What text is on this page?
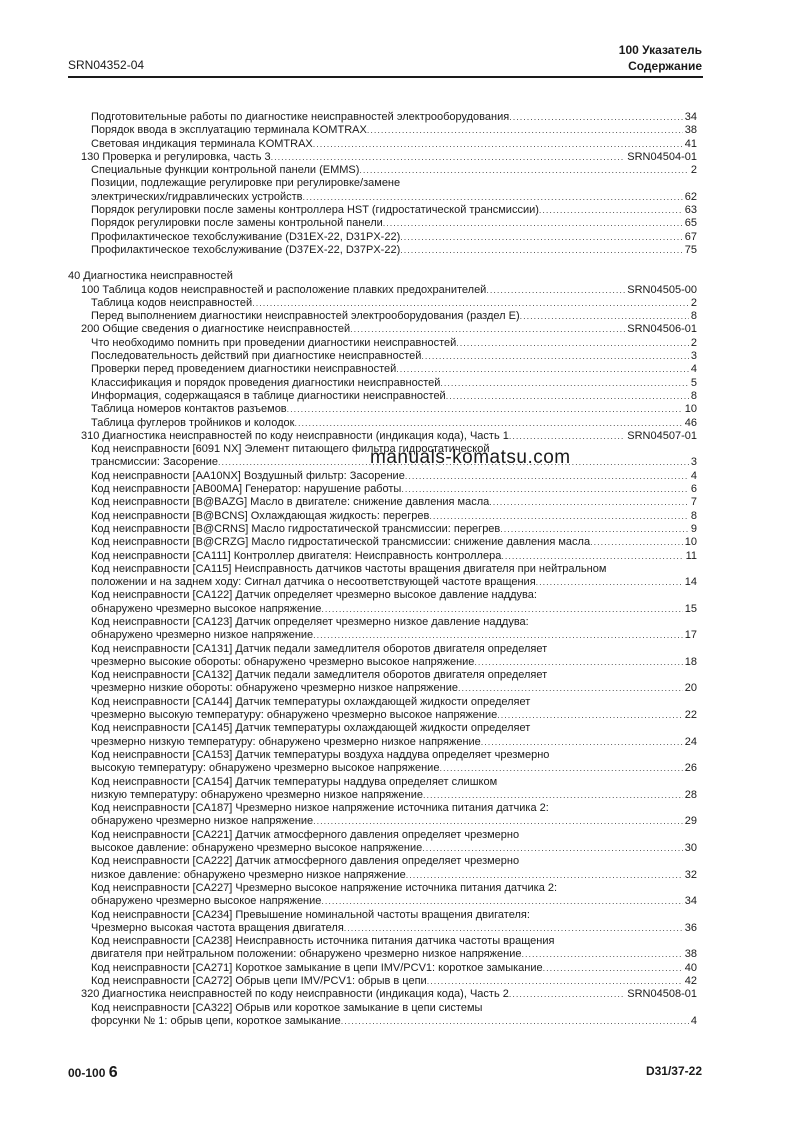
SRN04352-04
100 Указатель
Содержание
Подготовительные работы по диагностике неисправностей электрооборудования .....	34
Порядок ввода в эксплуатацию терминала KOMTRAX .....	38
Световая индикация терминала KOMTRAX .....	41
130 Проверка и регулировка, часть 3 .....	SRN04504-01
Специальные функции контрольной панели (EMMS) .....	2
Позиции, подлежащие регулировке при регулировке/замене
электрических/гидравлических устройств .....	62
Порядок регулировки после замены контроллера HST (гидростатической трансмиссии) .....	63
Порядок регулировки после замены контрольной панели .....	65
Профилактическое техобслуживание (D31EX-22, D31PX-22) .....	67
Профилактическое техобслуживание (D37EX-22, D37PX-22) .....	75
40 Диагностика неисправностей
100 Таблица кодов неисправностей и расположение плавких предохранителей .....	SRN04505-00
Таблица кодов неисправностей .....	2
Перед выполнением диагностики неисправностей электрооборудования (раздел E) .....	8
200 Общие сведения о диагностике неисправностей .....	SRN04506-01
Что необходимо помнить при проведении диагностики неисправностей .....	2
Последовательность действий при диагностике неисправностей .....	3
Проверки перед проведением диагностики неисправностей .....	4
Классификация и порядок проведения диагностики неисправностей .....	5
Информация, содержащаяся в таблице диагностики неисправностей .....	8
Таблица номеров контактов разъемов .....	10
Таблица фуглеров тройников и колодок .....	46
310 Диагностика неисправностей по коду неисправности (индикация кода), Часть 1 .....	SRN04507-01
Код неисправности [6091 NX] Элемент питающего фильтра гидростатической
трансмиссии: Засорение .....	3
Код неисправности [AA10NX] Воздушный фильтр: Засорение .....	4
Код неисправности [AB00MA] Генератор: нарушение работы .....	6
Код неисправности [B@BAZG] Масло в двигателе: снижение давления масла .....	7
Код неисправности [B@BCNS] Охлаждающая жидкость: перегрев .....	8
Код неисправности [B@CRNS] Масло гидростатической трансмиссии: перегрев .....	9
Код неисправности [B@CRZG] Масло гидростатической трансмиссии: снижение давления масла .....	10
Код неисправности [CA111] Контроллер двигателя: Неисправность контроллера .....	11
Код неисправности [CA115] Неисправность датчиков частоты вращения двигателя при нейтральном
положении и на заднем ходу: Сигнал датчика о несоответствующей частоте вращения .....	14
Код неисправности [CA122] Датчик определяет чрезмерно высокое давление наддува:
обнаружено чрезмерно высокое напряжение .....	15
Код неисправности [CA123] Датчик определяет чрезмерно низкое давление наддува:
обнаружено чрезмерно низкое напряжение .....	17
Код неисправности [CA131] Датчик педали замедлителя оборотов двигателя определяет
чрезмерно высокие обороты: обнаружено чрезмерно высокое напряжение .....	18
Код неисправности [CA132] Датчик педали замедлителя оборотов двигателя определяет
чрезмерно низкие обороты: обнаружено чрезмерно низкое напряжение .....	20
Код неисправности [CA144] Датчик температуры охлаждающей жидкости определяет
чрезмерно высокую температуру: обнаружено чрезмерно высокое напряжение .....	22
Код неисправности [CA145] Датчик температуры охлаждающей жидкости определяет
чрезмерно низкую температуру: обнаружено чрезмерно низкое напряжение .....	24
Код неисправности [CA153] Датчик температуры воздуха наддува определяет чрезмерно
высокую температуру: обнаружено чрезмерно высокое напряжение .....	26
Код неисправности [CA154] Датчик температуры наддува определяет слишком
низкую температуру: обнаружено чрезмерно низкое напряжение .....	28
Код неисправности [CA187] Чрезмерно низкое напряжение источника питания датчика 2:
обнаружено чрезмерно низкое напряжение .....	29
Код неисправности [CA221] Датчик атмосферного давления определяет чрезмерно
высокое давление: обнаружено чрезмерно высокое напряжение .....	30
Код неисправности [CA222] Датчик атмосферного давления определяет чрезмерно
низкое давление: обнаружено чрезмерно низкое напряжение .....	32
Код неисправности [CA227] Чрезмерно высокое напряжение источника питания датчика 2:
обнаружено чрезмерно высокое напряжение .....	34
Код неисправности [CA234] Превышение номинальной частоты вращения двигателя:
Чрезмерно высокая частота вращения двигателя .....	36
Код неисправности [CA238] Неисправность источника питания датчика частоты вращения
двигателя при нейтральном положении: обнаружено чрезмерно низкое напряжение .....	38
Код неисправности [CA271] Короткое замыкание в цепи IMV/PCV1: короткое замыкание .....	40
Код неисправности [CA272] Обрыв цепи IMV/PCV1: обрыв в цепи .....	42
320 Диагностика неисправностей по коду неисправности (индикация кода), Часть 2 .....	SRN04508-01
Код неисправности [CA322] Обрыв или короткое замыкание в цепи системы
форсунки № 1: обрыв цепи, короткое замыкание .....	4
manuals-komatsu.com
00-100 6	D31/37-22
